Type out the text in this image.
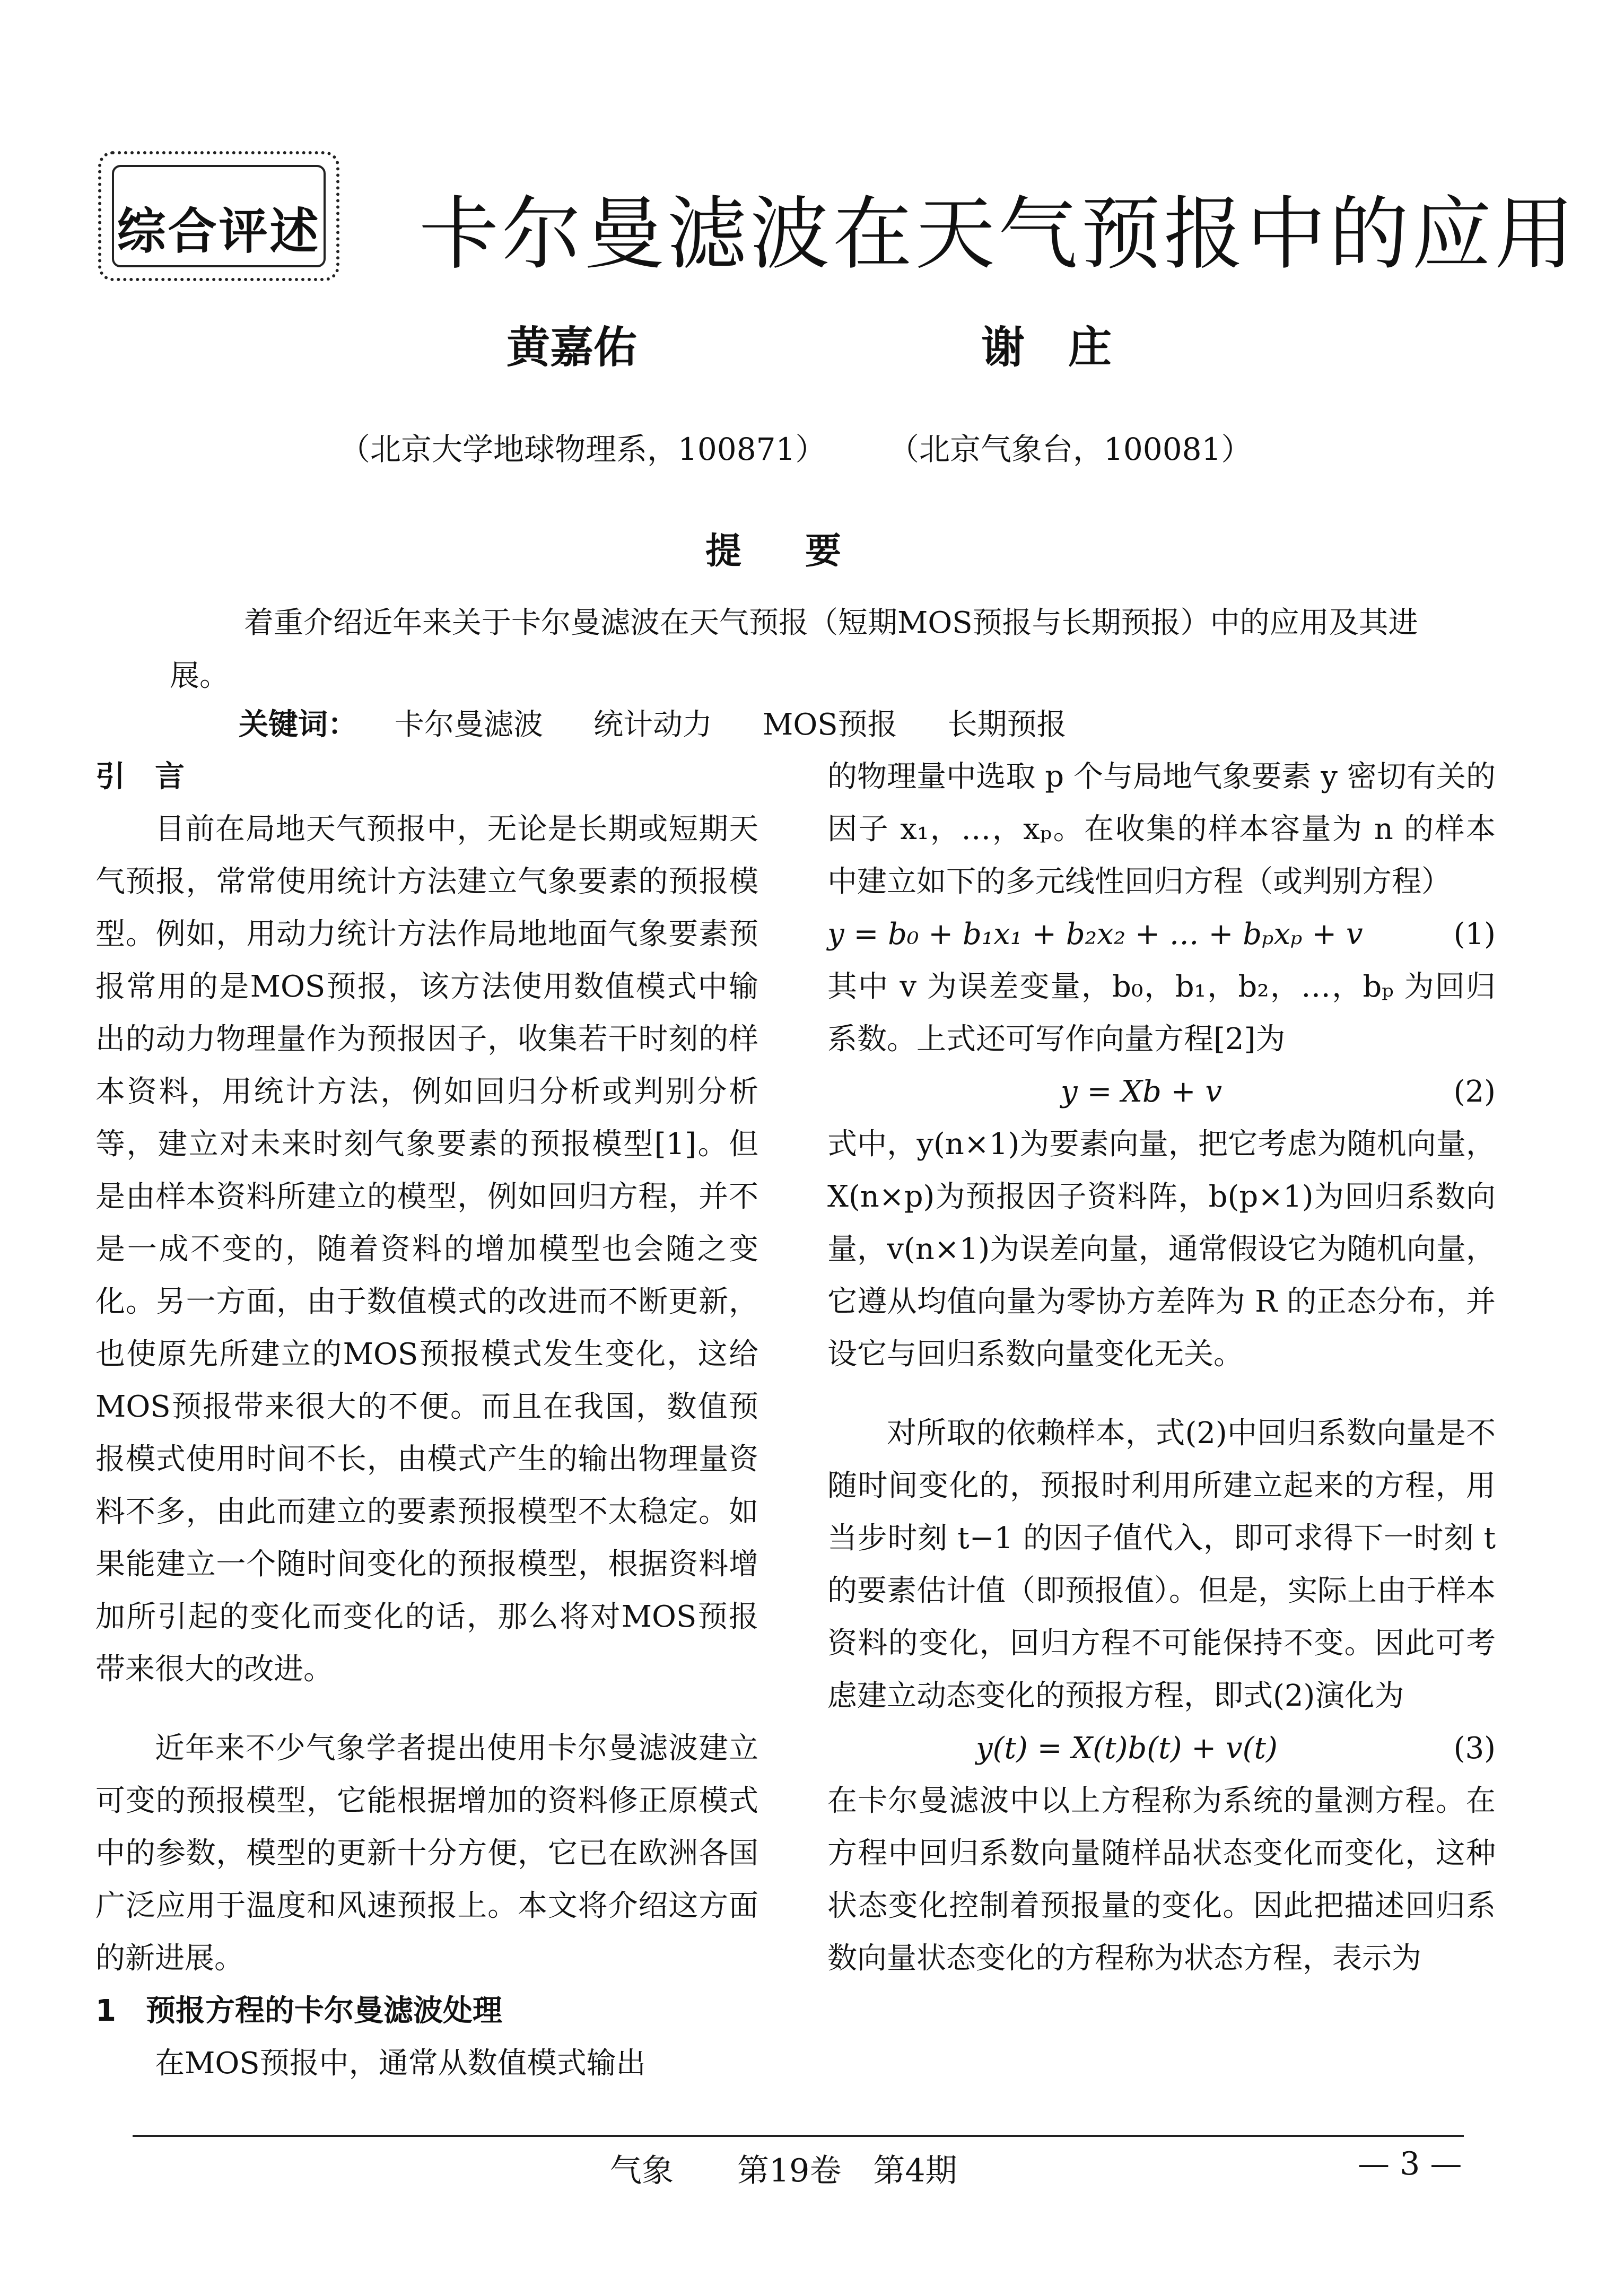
综合评述 卡尔曼滤波在天气预报中的应用
黄嘉佑	谢　庄
（北京大学地球物理系，100871） （北京气象台，100081）
提要
着重介绍近年来关于卡尔曼滤波在天气预报（短期MOS预报与长期预报）中的应用及其进展。
关键词： 卡尔曼滤波 统计动力 MOS预报 长期预报

引　言

目前在局地天气预报中，无论是长期或短期天气预报，常常使用统计方法建立气象要素的预报模型。例如，用动力统计方法作局地地面气象要素预报常用的是MOS预报，该方法使用数值模式中输出的动力物理量作为预报因子，收集若干时刻的样本资料，用统计方法，例如回归分析或判别分析等，建立对未来时刻气象要素的预报模型[1]。但是由样本资料所建立的模型，例如回归方程，并不是一成不变的，随着资料的增加模型也会随之变化。另一方面，由于数值模式的改进而不断更新，也使原先所建立的MOS预报模式发生变化，这给MOS预报带来很大的不便。而且在我国，数值预报模式使用时间不长，由模式产生的输出物理量资料不多，由此而建立的要素预报模型不太稳定。如果能建立一个随时间变化的预报模型，根据资料增加所引起的变化而变化的话，那么将对MOS预报带来很大的改进。

近年来不少气象学者提出使用卡尔曼滤波建立可变的预报模型，它能根据增加的资料修正原模式中的参数，模型的更新十分方便，它已在欧洲各国广泛应用于温度和风速预报上。本文将介绍这方面的新进展。

1　预报方程的卡尔曼滤波处理

在MOS预报中，通常从数值模式输出

的物理量中选取 p 个与局地气象要素 y 密切有关的因子 x₁，…，xₚ。在收集的样本容量为 n 的样本中建立如下的多元线性回归方程（或判别方程）

y = b₀ + b₁x₁ + b₂x₂ + … + bₚxₚ + v	(1)

其中 v 为误差变量，b₀，b₁，b₂，…，bₚ 为回归系数。上式还可写作向量方程[2]为

y = Xb + v	(2)

式中，y(n×1)为要素向量，把它考虑为随机向量，X(n×p)为预报因子资料阵，b(p×1)为回归系数向量，v(n×1)为误差向量，通常假设它为随机向量，它遵从均值向量为零协方差阵为 R 的正态分布，并设它与回归系数向量变化无关。

对所取的依赖样本，式(2)中回归系数向量是不随时间变化的，预报时利用所建立起来的方程，用当步时刻 t−1 的因子值代入，即可求得下一时刻 t 的要素估计值（即预报值）。但是，实际上由于样本资料的变化，回归方程不可能保持不变。因此可考虑建立动态变化的预报方程，即式(2)演化为

y(t) = X(t)b(t) + v(t)	(3)

在卡尔曼滤波中以上方程称为系统的量测方程。在方程中回归系数向量随样品状态变化而变化，这种状态变化控制着预报量的变化。因此把描述回归系数向量状态变化的方程称为状态方程，表示为

气象　　第19卷　第4期	— 3 —
